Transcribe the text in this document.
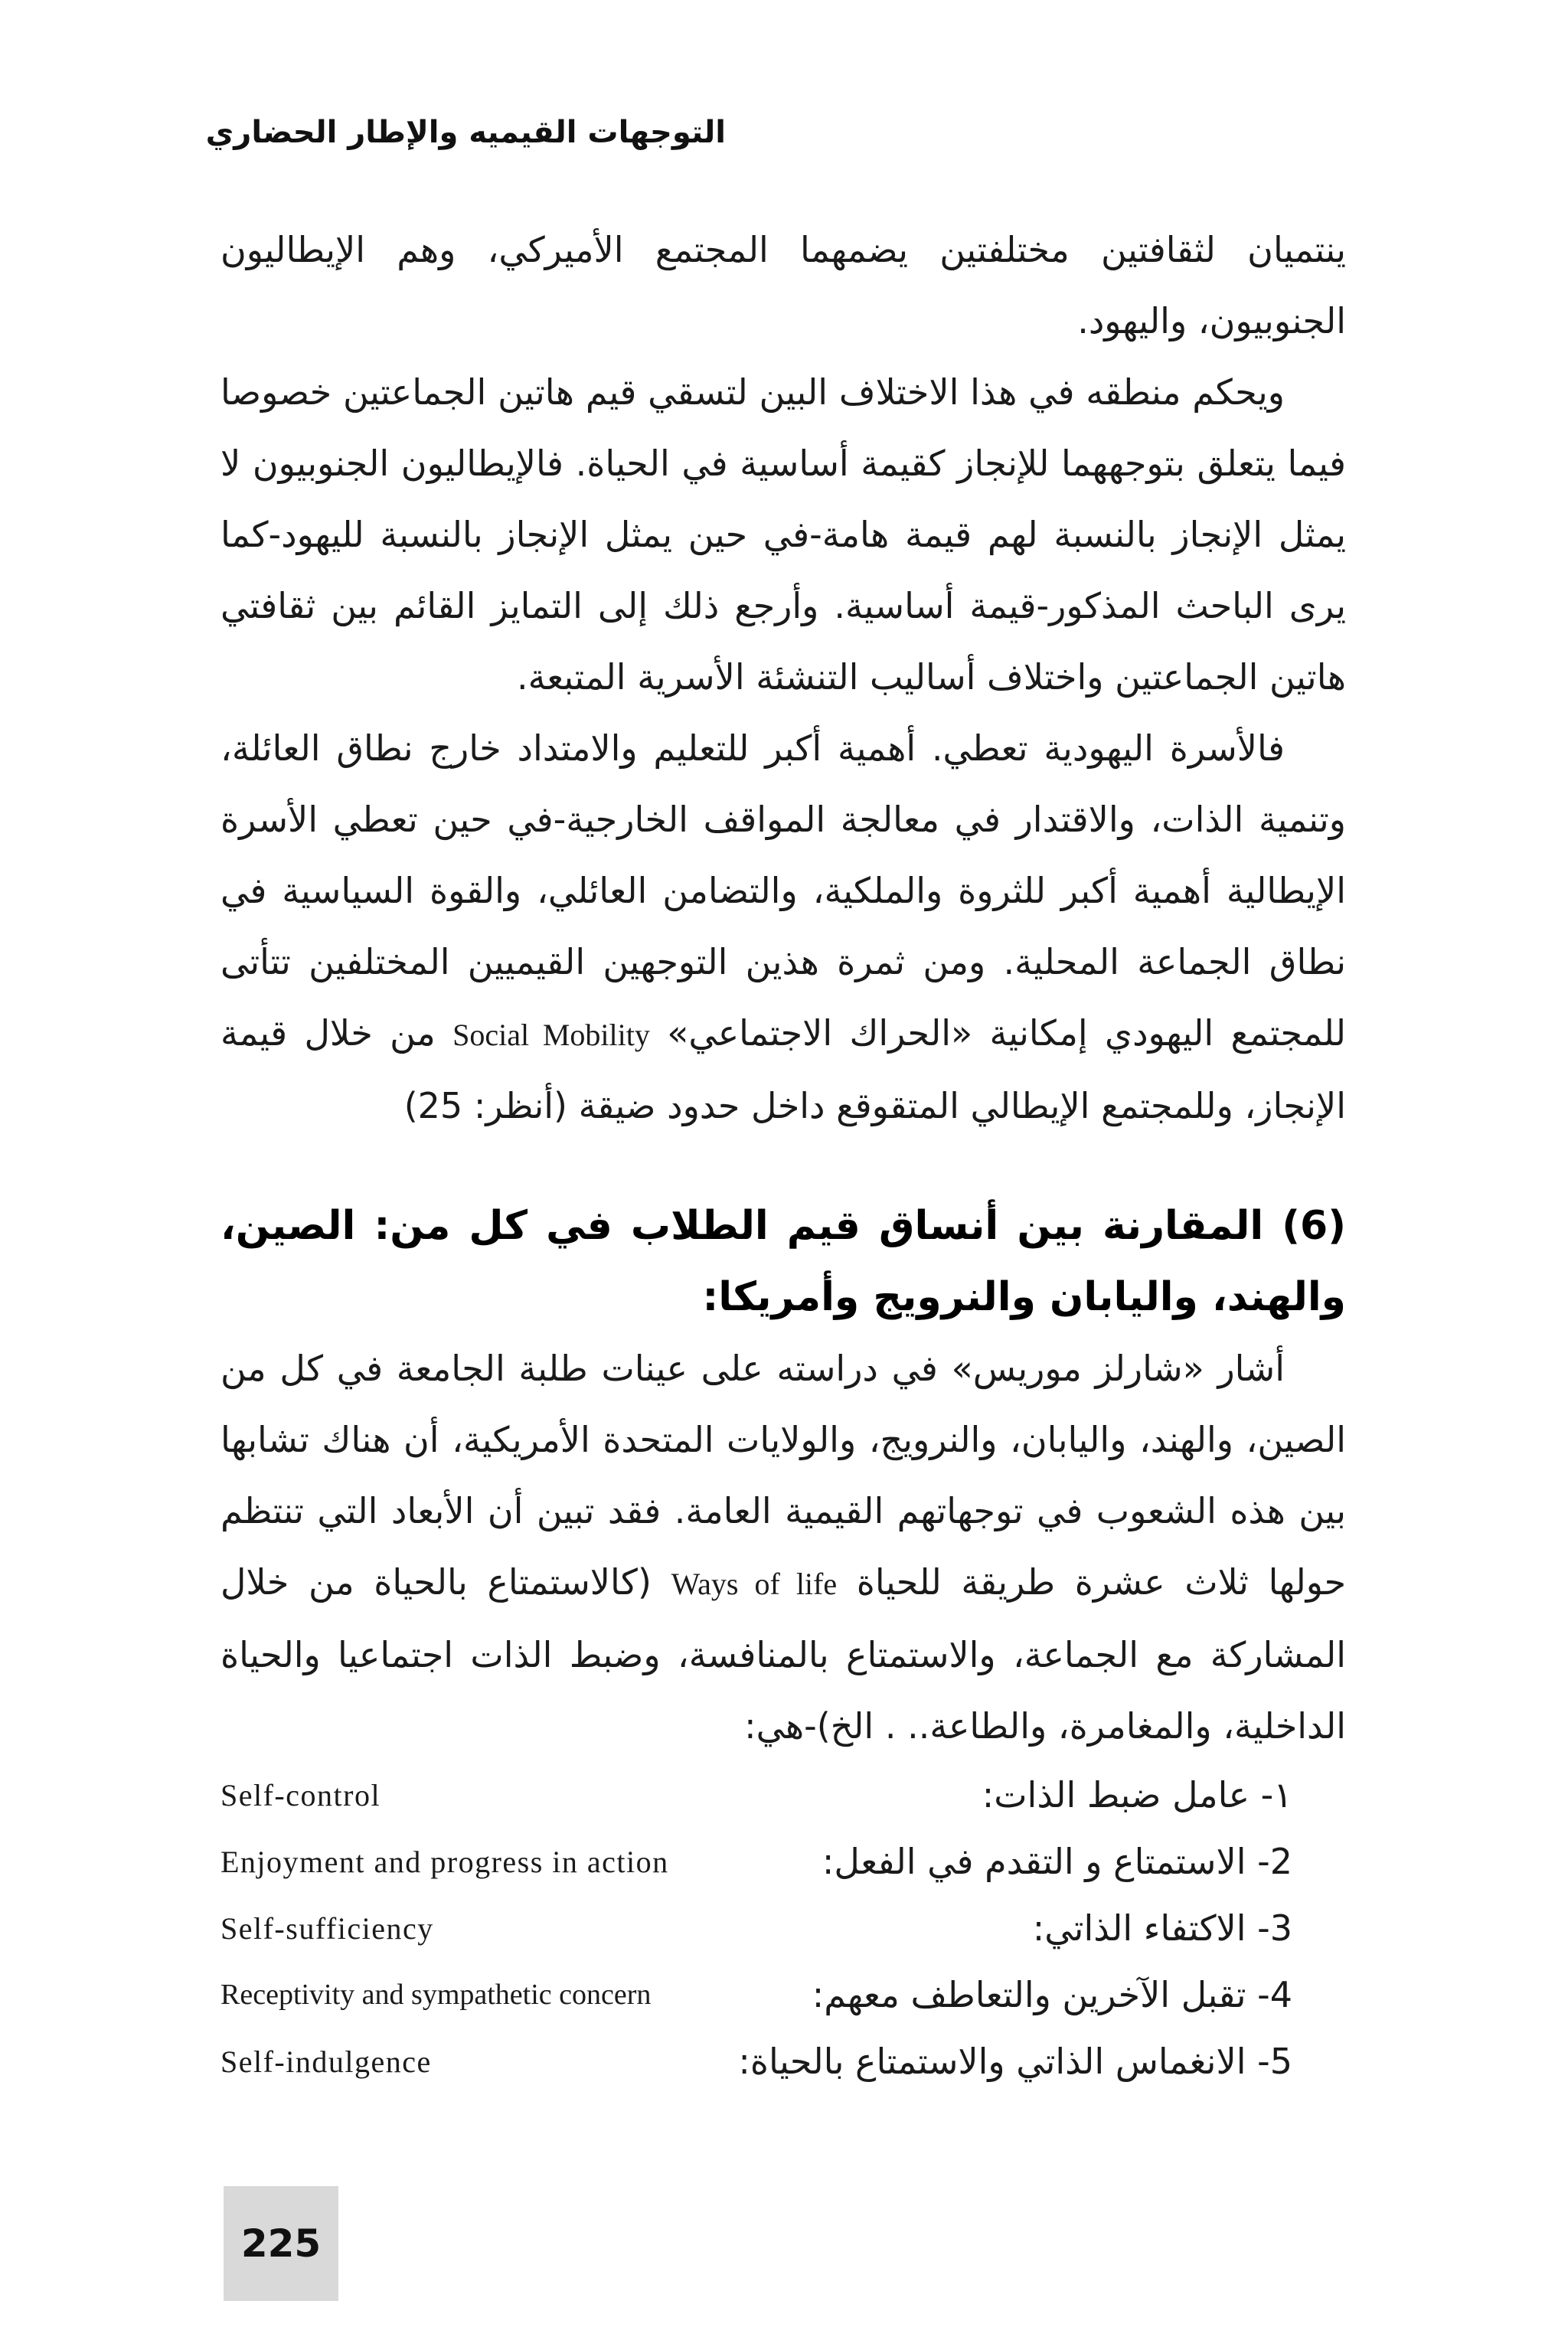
التوجهات القيميه والإطار الحضاري

ينتميان لثقافتين مختلفتين يضمهما المجتمع الأميركي، وهم الإيطاليون الجنوبيون، واليهود.

ويحكم منطقه في هذا الاختلاف البين لتسقي قيم هاتين الجماعتين خصوصا فيما يتعلق بتوجههما للإنجاز كقيمة أساسية في الحياة. فالإيطاليون الجنوبيون لا يمثل الإنجاز بالنسبة لهم قيمة هامة-في حين يمثل الإنجاز بالنسبة لليهود-كما يرى الباحث المذكور-قيمة أساسية. وأرجع ذلك إلى التمايز القائم بين ثقافتي هاتين الجماعتين واختلاف أساليب التنشئة الأسرية المتبعة.

فالأسرة اليهودية تعطي. أهمية أكبر للتعليم والامتداد خارج نطاق العائلة، وتنمية الذات، والاقتدار في معالجة المواقف الخارجية-في حين تعطي الأسرة الإيطالية أهمية أكبر للثروة والملكية، والتضامن العائلي، والقوة السياسية في نطاق الجماعة المحلية. ومن ثمرة هذين التوجهين القيميين المختلفين تتأتى للمجتمع اليهودي إمكانية «الحراك الاجتماعي» Social Mobility من خلال قيمة الإنجاز، وللمجتمع الإيطالي المتقوقع داخل حدود ضيقة (أنظر: 25)

(6) المقارنة بين أنساق قيم الطلاب في كل من: الصين، والهند، واليابان والنرويج وأمريكا:

أشار «شارلز موريس» في دراسته على عينات طلبة الجامعة في كل من الصين، والهند، واليابان، والنرويج، والولايات المتحدة الأمريكية، أن هناك تشابها بين هذه الشعوب في توجهاتهم القيمية العامة. فقد تبين أن الأبعاد التي تنتظم حولها ثلاث عشرة طريقة للحياة Ways of life (كالاستمتاع بالحياة من خلال المشاركة مع الجماعة، والاستمتاع بالمنافسة، وضبط الذات اجتماعيا والحياة الداخلية، والمغامرة، والطاعة.. . الخ)-هي:

١- عامل ضبط الذات:
Self-control
2- الاستمتاع و التقدم في الفعل:
Enjoyment and progress in action
3- الاكتفاء الذاتي:
Self-sufficiency
4- تقبل الآخرين والتعاطف معهم:
Receptivity and sympathetic concern
5- الانغماس الذاتي والاستمتاع بالحياة:
Self-indulgence
225
